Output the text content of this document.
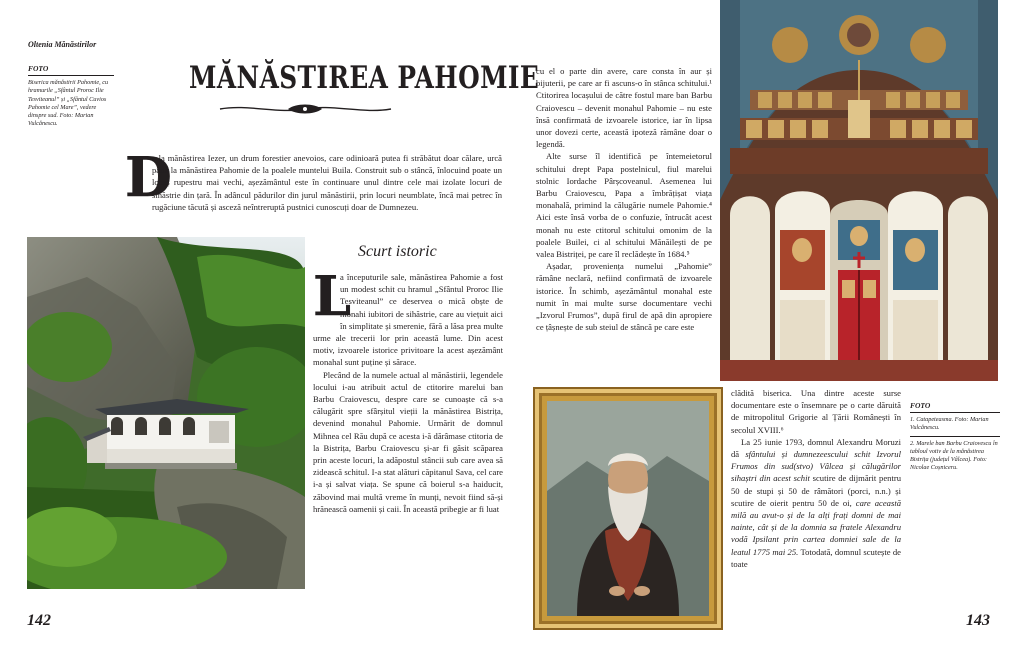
Oltenia Mănăstirilor
FOTO
Biserica mănăstirii Pahomie, cu hramurile „Sfântul Proroc Ilie Tesviteanul” și „Sfântul Cuvios Pahomie cel Mare”, vedere dinspre sud. Foto: Marian Vulcănescu.
MĂNĂSTIREA PAHOMIE
D
e la mănăstirea Iezer, un drum forestier anevoios, care odinioară putea fi străbătut doar călare, urcă până la mănăstirea Pahomie de la poalele muntelui Buila. Construit sub o stâncă, înlocuind poate un locaș rupestru mai vechi, așezământul este în continuare unul dintre cele mai izolate locuri de sihăstrie din țară. În adâncul pădurilor din jurul mănăstirii, prin locuri neumblate, încă mai petrec în rugăciune tăcută și asceză neîntreruptă pustnici cunoscuți doar de Dumnezeu.
Scurt istoric
L
a începuturile sale, mănăstirea Pahomie a fost un modest schit cu hramul „Sfântul Proroc Ilie Tesviteanul” ce deservea o mică obște de monahi iubitori de sihăstrie, care au viețuit aici în simplitate și smerenie, fără a lăsa prea multe urme ale trecerii lor prin această lume. Din acest motiv, izvoarele istorice privitoare la acest așezământ monahal sunt puține și sărace.

Plecând de la numele actual al mănăstirii, legendele locului i-au atribuit actul de ctitorire marelui ban Barbu Craiovescu, despre care se cunoaște că s-a călugărit spre sfârșitul vieții la mănăstirea Bistrița, devenind monahul Pahomie. Urmărit de domnul Mihnea cel Rău după ce acesta i-ă dărâmase ctitoria de la Bistrița, Barbu Craiovescu și-ar fi găsit scăparea prin aceste locuri, la adăpostul stâncii sub care avea să zidească schitul. I-a stat alături căpitanul Sava, cel care i-a și salvat viața. Se spune că boierul s-a haiducit, zăbovind mai multă vreme în munți, nevoit fiind să-și hrănească oamenii și caii. În această pribegie ar fi luat

142

cu el o parte din avere, care consta în aur și bijuterii, pe care ar fi ascuns-o în stânca schitului.¹ Ctitorirea locașului de către fostul mare ban Barbu Craiovescu – devenit monahul Pahomie – nu este însă confirmată de izvoarele istorice, iar în lipsa unor dovezi certe, această ipoteză rămâne doar o legendă.

Alte surse îl identifică pe întemeietorul schitului drept Papa postelnicul, fiul marelui stolnic Iordache Pârșcoveanul. Asemenea lui Barbu Craiovescu, Papa a îmbrățișat viața monahală, primind la călugărie numele Pahomie.⁴ Aici este însă vorba de o confuzie, întrucât acest monah nu este ctitorul schitului omonim de la poalele Builei, ci al schitului Mănăilești de pe valea Bistriței, pe care îl reclădește în 1684.⁵

Așadar, proveniența numelui „Pahomie” rămâne neclară, nefiind confirmată de izvoarele istorice. În schimb, așezământul monahal este numit în mai multe surse documentare vechi „Izvorul Frumos”, după firul de apă din apropiere ce țâșnește de sub steiul de stâncă pe care este

clădită biserica. Una dintre aceste surse documentare este o însemnare pe o carte dăruită de mitropolitul Grigorie al Țării Românești în secolul XVIII.⁶

La 25 iunie 1793, domnul Alexandru Moruzi dă sfântului și dumnezeescului schit Izvorul Frumos din sud(stvo) Vâlcea și călugărilor sihaștri din acest schit scutire de dijmărit pentru 50 de stupi și 50 de râmători (porci, n.n.) și scutire de oierit pentru 50 de oi, care această milă au avut-o și de la alți frați domni de mai nainte, cât și de la domnia sa fratele Alexandru vodă Ipsilant prin cartea domniei sale de la leatul 1775 mai 25. Totodată, domnul scutește de toate

FOTO
1. Catapeteasma. Foto: Marian Vulcănescu.
2. Marele ban Barbu Craiovescu în tabloul votiv de la mănăstirea Bistrița (județul Vâlcea). Foto: Nicolae Coșniceru.
143
